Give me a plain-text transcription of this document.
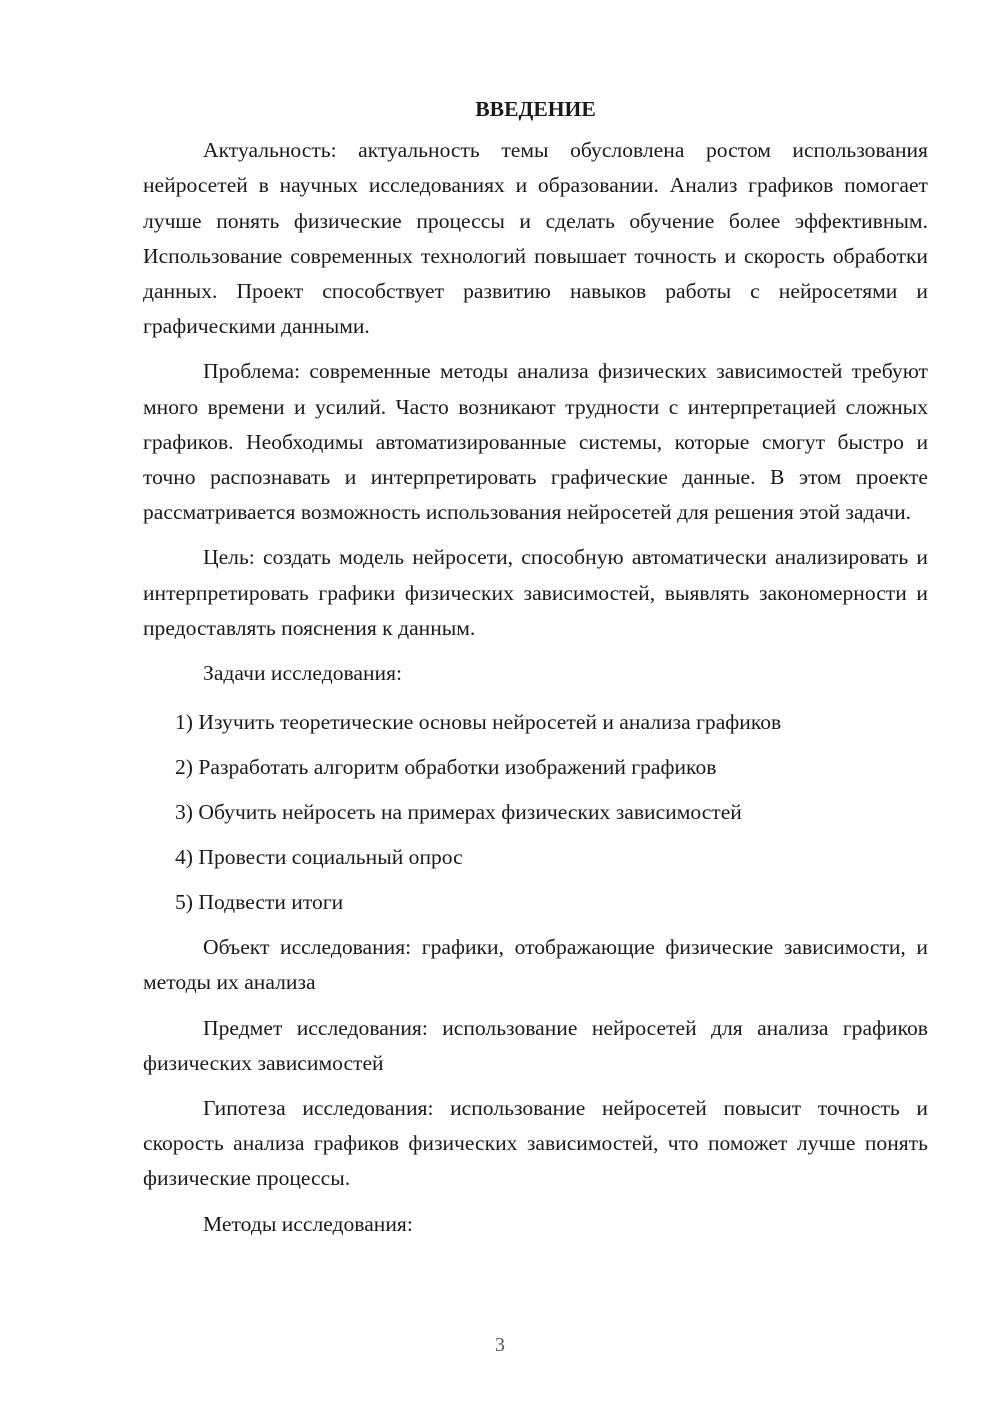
ВВЕДЕНИЕ

Актуальность: актуальность темы обусловлена ростом использования нейросетей в научных исследованиях и образовании. Анализ графиков помогает лучше понять физические процессы и сделать обучение более эффективным. Использование современных технологий повышает точность и скорость обработки данных. Проект способствует развитию навыков работы с нейросетями и графическими данными.

Проблема: современные методы анализа физических зависимостей требуют много времени и усилий. Часто возникают трудности с интерпретацией сложных графиков. Необходимы автоматизированные системы, которые смогут быстро и точно распознавать и интерпретировать графические данные. В этом проекте рассматривается возможность использования нейросетей для решения этой задачи.

Цель: создать модель нейросети, способную автоматически анализировать и интерпретировать графики физических зависимостей, выявлять закономерности и предоставлять пояснения к данным.

Задачи исследования:

1) Изучить теоретические основы нейросетей и анализа графиков
2) Разработать алгоритм обработки изображений графиков
3) Обучить нейросеть на примерах физических зависимостей
4) Провести социальный опрос
5) Подвести итоги

Объект исследования: графики, отображающие физические зависимости, и методы их анализа

Предмет исследования: использование нейросетей для анализа графиков физических зависимостей

Гипотеза исследования: использование нейросетей повысит точность и скорость анализа графиков физических зависимостей, что поможет лучше понять физические процессы.

Методы исследования:

3
